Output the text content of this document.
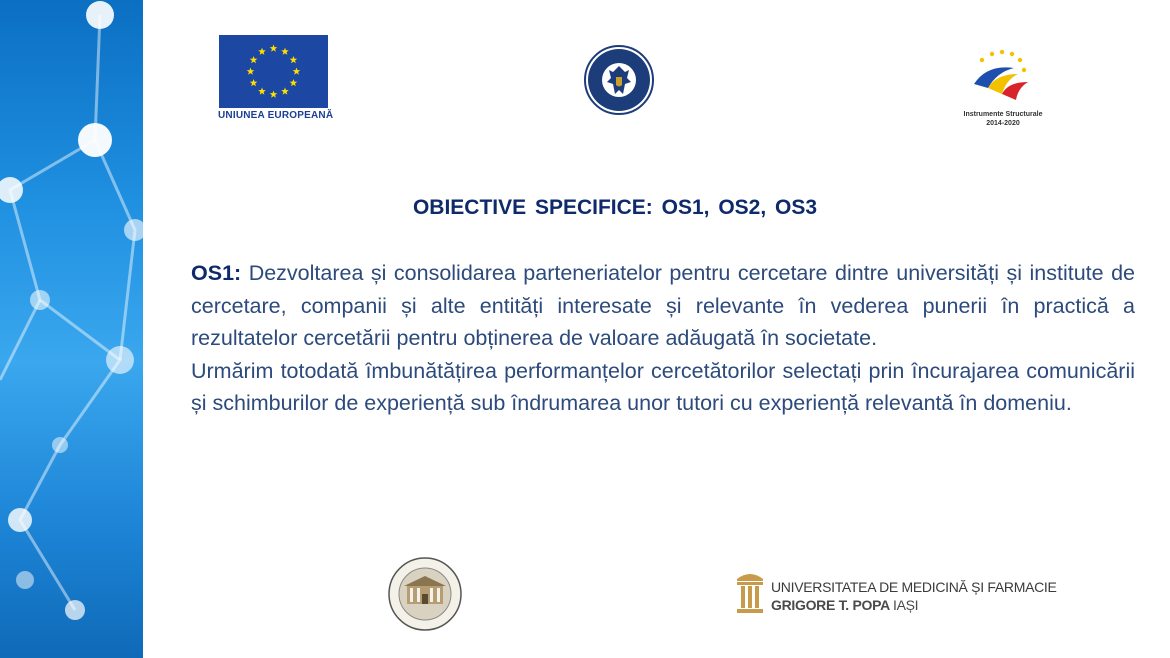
UNIUNEA EUROPEANĂ	Instrumente Structurale
2014-2020
OBIECTIVE SPECIFICE: OS1, OS2, OS3

OS1: Dezvoltarea și consolidarea parteneriatelor pentru cercetare dintre universități și institute de cercetare, companii și alte entități interesate și relevante în vederea punerii în practică a rezultatelor cercetării pentru obținerea de valoare adăugată în societate.

Urmărim totodată îmbunătățirea performanțelor cercetătorilor selectați prin încurajarea comunicării și schimburilor de experiență sub îndrumarea unor tutori cu experiență relevantă în domeniu.

UNIVERSITATEA DE MEDICINĂ ȘI FARMACIE
GRIGORE T. POPA IAȘI
